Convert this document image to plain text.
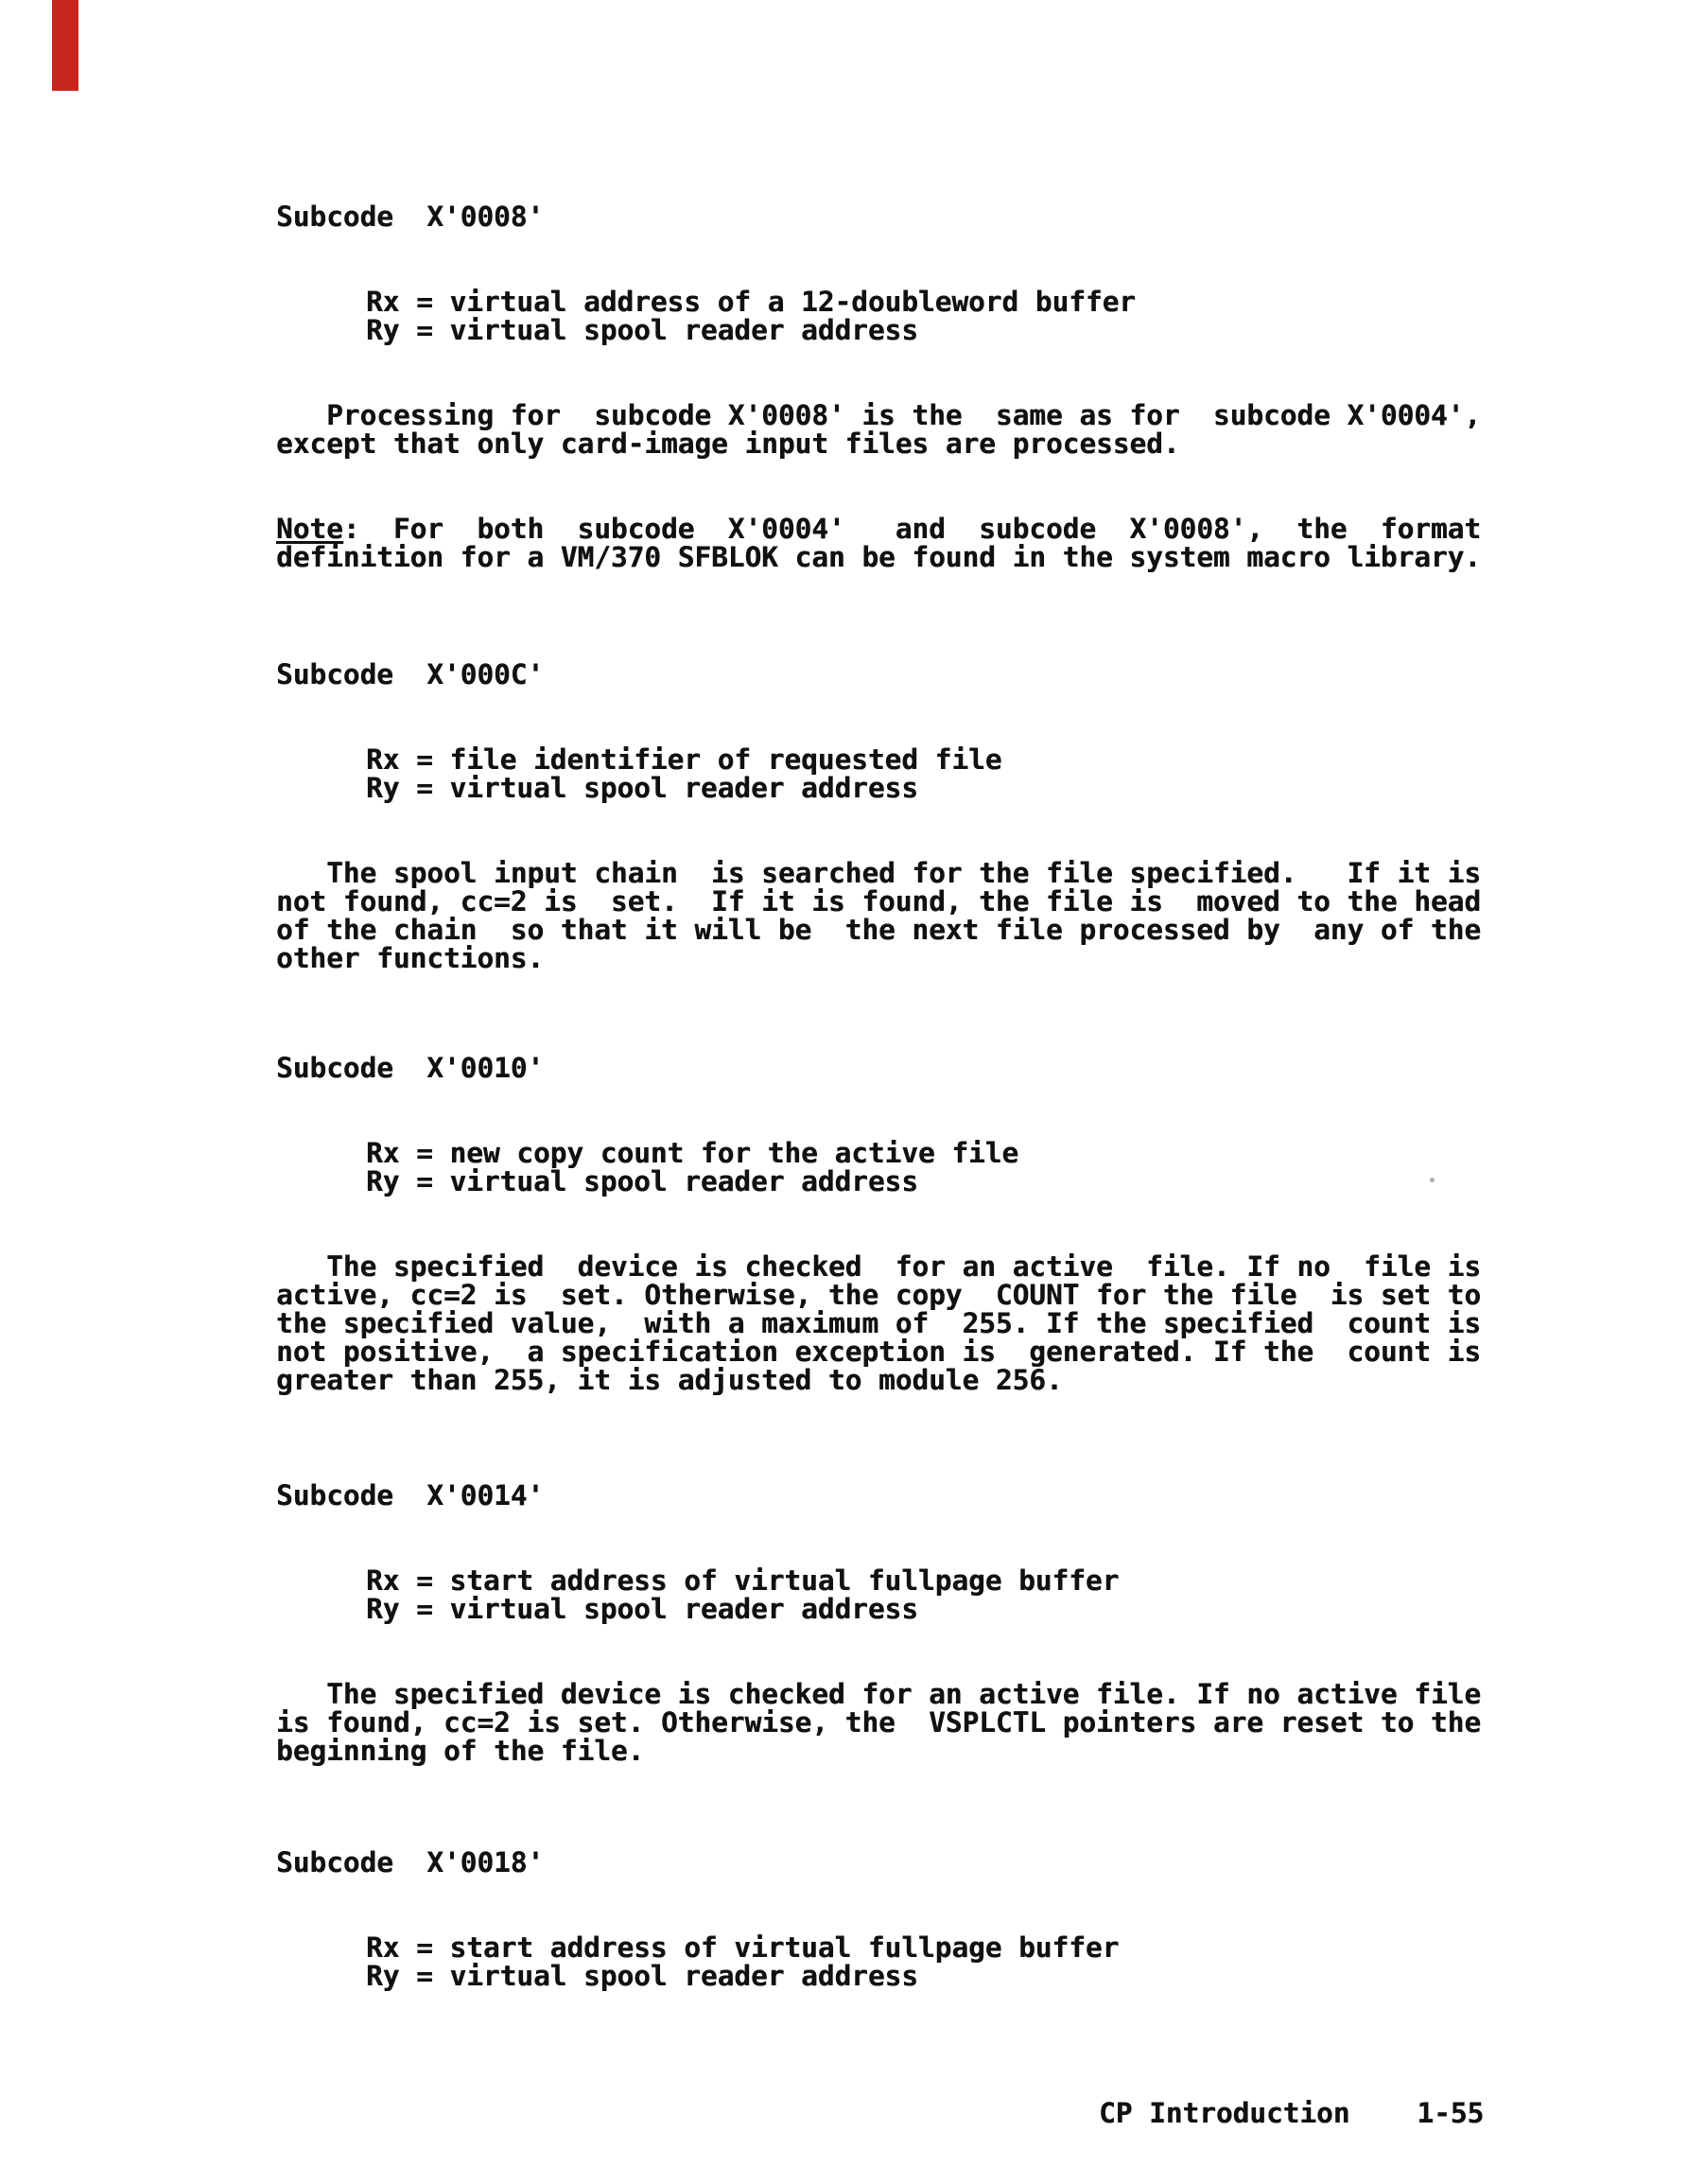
Subcode  X'0008'
Rx = virtual address of a 12-doubleword buffer
Ry = virtual spool reader address
Processing for  subcode X'0008' is the  same as for  subcode X'0004',
except that only card-image input files are processed.
Note:  For  both  subcode  X'0004'   and  subcode  X'0008',  the  format
definition for a VM/370 SFBLOK can be found in the system macro library.
Subcode  X'000C'
Rx = file identifier of requested file
Ry = virtual spool reader address
The spool input chain  is searched for the file specified.   If it is
not found, cc=2 is  set.  If it is found, the file is  moved to the head
of the chain  so that it will be  the next file processed by  any of the
other functions.
Subcode  X'0010'
Rx = new copy count for the active file
Ry = virtual spool reader address
The specified  device is checked  for an active  file. If no  file is
active, cc=2 is  set. Otherwise, the copy  COUNT for the file  is set to
the specified value,  with a maximum of  255. If the specified  count is
not positive,  a specification exception is  generated. If the  count is
greater than 255, it is adjusted to module 256.
Subcode  X'0014'
Rx = start address of virtual fullpage buffer
Ry = virtual spool reader address
The specified device is checked for an active file. If no active file
is found, cc=2 is set. Otherwise, the  VSPLCTL pointers are reset to the
beginning of the file.
Subcode  X'0018'
Rx = start address of virtual fullpage buffer
Ry = virtual spool reader address
CP Introduction 1-55
